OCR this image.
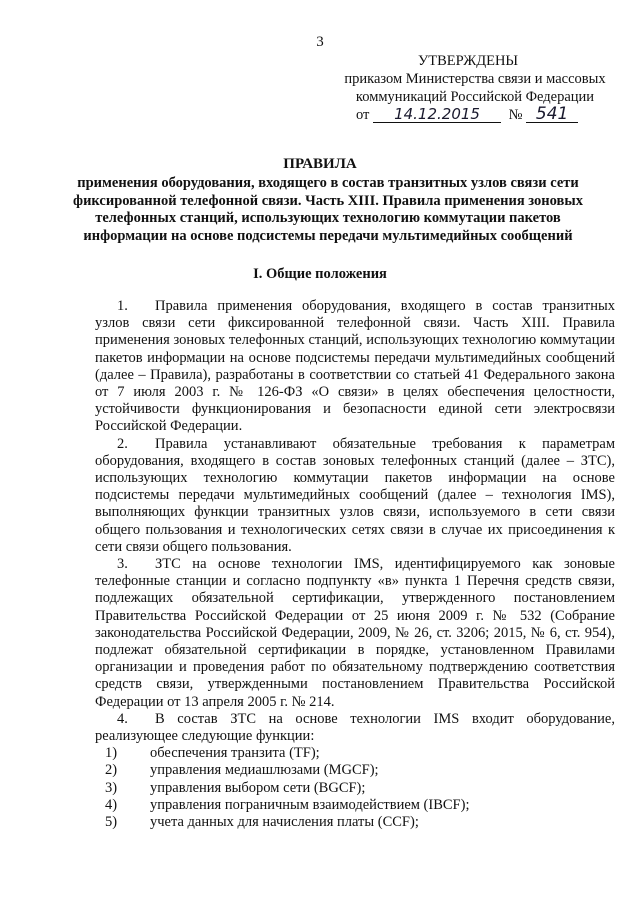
3
УТВЕРЖДЕНЫ
приказом Министерства связи и массовых
коммуникаций Российской Федерации
от 14.12.2015 № 541
ПРАВИЛА
применения оборудования, входящего в состав транзитных узлов связи сети фиксированной телефонной связи. Часть XIII. Правила применения зоновых телефонных станций, использующих технологию коммутации пакетов информации на основе подсистемы передачи мультимедийных сообщений
I. Общие положения

1. Правила применения оборудования, входящего в состав транзитных узлов связи сети фиксированной телефонной связи. Часть XIII. Правила применения зоновых телефонных станций, использующих технологию коммутации пакетов информации на основе подсистемы передачи мультимедийных сообщений (далее – Правила), разработаны в соответствии со статьей 41 Федерального закона от 7 июля 2003 г. № 126-ФЗ «О связи» в целях обеспечения целостности, устойчивости функционирования и безопасности единой сети электросвязи Российской Федерации.

2. Правила устанавливают обязательные требования к параметрам оборудования, входящего в состав зоновых телефонных станций (далее – ЗТС), использующих технологию коммутации пакетов информации на основе подсистемы передачи мультимедийных сообщений (далее – технология IMS), выполняющих функции транзитных узлов связи, используемого в сети связи общего пользования и технологических сетях связи в случае их присоединения к сети связи общего пользования.

3. ЗТС на основе технологии IMS, идентифицируемого как зоновые телефонные станции и согласно подпункту «в» пункта 1 Перечня средств связи, подлежащих обязательной сертификации, утвержденного постановлением Правительства Российской Федерации от 25 июня 2009 г. № 532 (Собрание законодательства Российской Федерации, 2009, № 26, ст. 3206; 2015, № 6, ст. 954), подлежат обязательной сертификации в порядке, установленном Правилами организации и проведения работ по обязательному подтверждению соответствия средств связи, утвержденными постановлением Правительства Российской Федерации от 13 апреля 2005 г. № 214.

4. В состав ЗТС на основе технологии IMS входит оборудование, реализующее следующие функции:

1) обеспечения транзита (TF);
2) управления медиашлюзами (MGCF);
3) управления выбором сети (BGCF);
4) управления пограничным взаимодействием (IBCF);
5) учета данных для начисления платы (CCF);
